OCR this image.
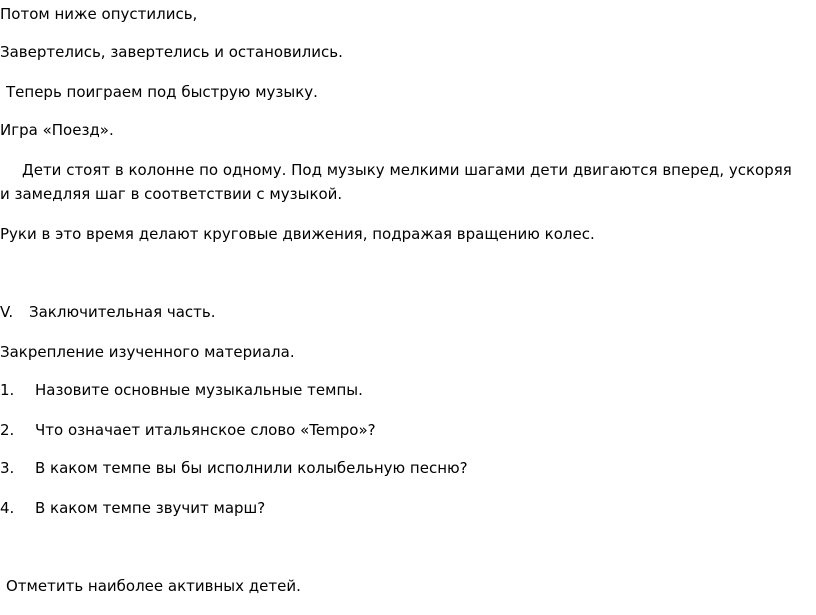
Потом ниже опустились,
Завертелись, завертелись и остановились.
Теперь поиграем под быструю музыку.
Игра «Поезд».
Дети стоят в колонне по одному. Под музыку мелкими шагами дети двигаются вперед, ускоряя
и замедляя шаг в соответствии с музыкой.
Руки в это время делают круговые движения, подражая вращению колес.
V. Заключительная часть.
Закрепление изученного материала.
1. Назовите основные музыкальные темпы.
2. Что означает итальянское слово «Tempo»?
3. В каком темпе вы бы исполнили колыбельную песню?
4. В каком темпе звучит марш?
Отметить наиболее активных детей.
